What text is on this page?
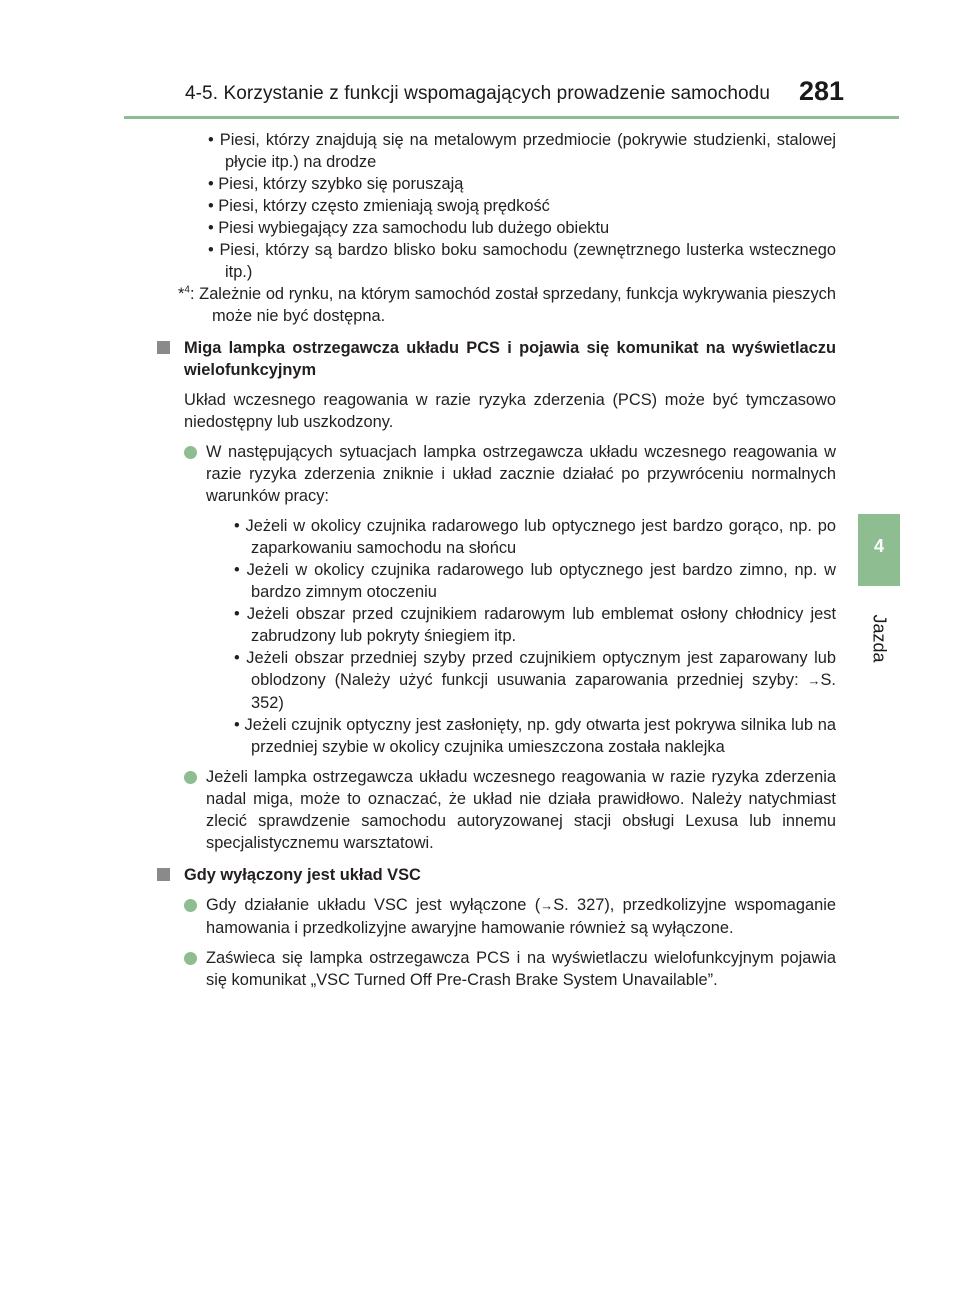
4-5. Korzystanie z funkcji wspomagających prowadzenie samochodu 281
4
Jazda
• Piesi, którzy znajdują się na metalowym przedmiocie (pokrywie studzienki, stalowej płycie itp.) na drodze
• Piesi, którzy szybko się poruszają
• Piesi, którzy często zmieniają swoją prędkość
• Piesi wybiegający zza samochodu lub dużego obiektu
• Piesi, którzy są bardzo blisko boku samochodu (zewnętrznego lusterka wstecznego itp.)
*$^4$: Zależnie od rynku, na którym samochód został sprzedany, funkcja wykrywania pieszych może nie być dostępna.
Miga lampka ostrzegawcza układu PCS i pojawia się komunikat na wyświetlaczu wielofunkcyjnym
Układ wczesnego reagowania w razie ryzyka zderzenia (PCS) może być tymczasowo niedostępny lub uszkodzony.
W następujących sytuacjach lampka ostrzegawcza układu wczesnego reagowania w razie ryzyka zderzenia zniknie i układ zacznie działać po przywróceniu normalnych warunków pracy:
• Jeżeli w okolicy czujnika radarowego lub optycznego jest bardzo gorąco, np. po zaparkowaniu samochodu na słońcu
• Jeżeli w okolicy czujnika radarowego lub optycznego jest bardzo zimno, np. w bardzo zimnym otoczeniu
• Jeżeli obszar przed czujnikiem radarowym lub emblemat osłony chłodnicy jest zabrudzony lub pokryty śniegiem itp.
• Jeżeli obszar przedniej szyby przed czujnikiem optycznym jest zaparowany lub oblodzony (Należy użyć funkcji usuwania zaparowania przedniej szyby: →S. 352)
• Jeżeli czujnik optyczny jest zasłonięty, np. gdy otwarta jest pokrywa silnika lub na przedniej szybie w okolicy czujnika umieszczona została naklejka
Jeżeli lampka ostrzegawcza układu wczesnego reagowania w razie ryzyka zderzenia nadal miga, może to oznaczać, że układ nie działa prawidłowo. Należy natychmiast zlecić sprawdzenie samochodu autoryzowanej stacji obsługi Lexusa lub innemu specjalistycznemu warsztatowi.
Gdy wyłączony jest układ VSC
Gdy działanie układu VSC jest wyłączone (→S. 327), przedkolizyjne wspomaganie hamowania i przedkolizyjne awaryjne hamowanie również są wyłączone.
Zaświeca się lampka ostrzegawcza PCS i na wyświetlaczu wielofunkcyjnym pojawia się komunikat „VSC Turned Off Pre-Crash Brake System Unavailable”.
